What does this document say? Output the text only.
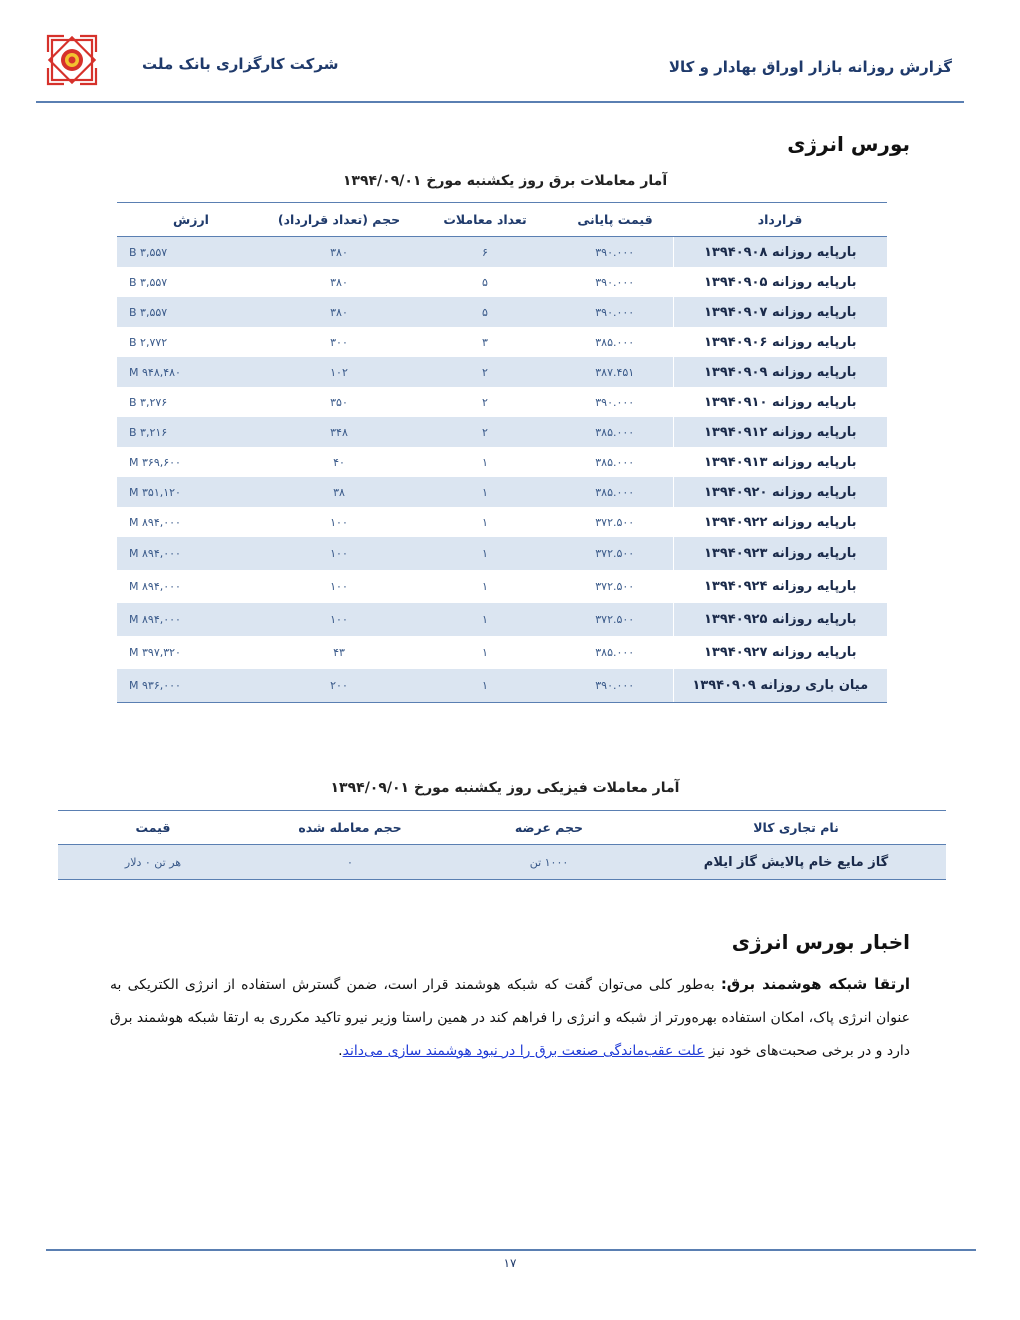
گزارش روزانه بازار اوراق بهادار و کالا
شرکت کارگزاری بانک ملت
بورس انرژی
آمار معاملات برق روز یکشنبه مورخ ۱۳۹۴/۰۹/۰۱
قرارداد	قیمت پایانی	تعداد معاملات	حجم (تعداد قرارداد)	ارزش
بارپایه روزانه ۱۳۹۴۰۹۰۸	۳۹۰.۰۰۰	۶	۳۸۰	۳,۵۵۷ B
بارپایه روزانه ۱۳۹۴۰۹۰۵	۳۹۰.۰۰۰	۵	۳۸۰	۳,۵۵۷ B
بارپایه روزانه ۱۳۹۴۰۹۰۷	۳۹۰.۰۰۰	۵	۳۸۰	۳,۵۵۷ B
بارپایه روزانه ۱۳۹۴۰۹۰۶	۳۸۵.۰۰۰	۳	۳۰۰	۲,۷۷۲ B
بارپایه روزانه ۱۳۹۴۰۹۰۹	۳۸۷.۴۵۱	۲	۱۰۲	۹۴۸,۴۸۰ M
بارپایه روزانه ۱۳۹۴۰۹۱۰	۳۹۰.۰۰۰	۲	۳۵۰	۳,۲۷۶ B
بارپایه روزانه ۱۳۹۴۰۹۱۲	۳۸۵.۰۰۰	۲	۳۴۸	۳,۲۱۶ B
بارپایه روزانه ۱۳۹۴۰۹۱۳	۳۸۵.۰۰۰	۱	۴۰	۳۶۹,۶۰۰ M
بارپایه روزانه ۱۳۹۴۰۹۲۰	۳۸۵.۰۰۰	۱	۳۸	۳۵۱,۱۲۰ M
بارپایه روزانه ۱۳۹۴۰۹۲۲	۳۷۲.۵۰۰	۱	۱۰۰	۸۹۴,۰۰۰ M
بارپایه روزانه ۱۳۹۴۰۹۲۳	۳۷۲.۵۰۰	۱	۱۰۰	۸۹۴,۰۰۰ M
بارپایه روزانه ۱۳۹۴۰۹۲۴	۳۷۲.۵۰۰	۱	۱۰۰	۸۹۴,۰۰۰ M
بارپایه روزانه ۱۳۹۴۰۹۲۵	۳۷۲.۵۰۰	۱	۱۰۰	۸۹۴,۰۰۰ M
بارپایه روزانه ۱۳۹۴۰۹۲۷	۳۸۵.۰۰۰	۱	۴۳	۳۹۷,۳۲۰ M
میان باری روزانه ۱۳۹۴۰۹۰۹	۳۹۰.۰۰۰	۱	۲۰۰	۹۳۶,۰۰۰ M
آمار معاملات فیزیکی روز یکشنبه مورخ ۱۳۹۴/۰۹/۰۱
نام تجاری کالا	حجم عرضه	حجم معامله شده	قیمت
گاز مایع خام پالایش گاز ایلام	۱۰۰۰ تن	۰	هر تن ۰ دلار
اخبار بورس انرژی
ارتقا شبکه هوشمند برق: به‌طور کلی می‌توان گفت که شبکه هوشمند قرار است، ضمن گسترش استفاده از انرژی الکتریکی به عنوان انرژی پاک، امکان استفاده بهره‌ورتر از شبکه و انرژی را فراهم کند در همین راستا وزیر نیرو تاکید مکرری به ارتقا شبکه هوشمند برق دارد و در برخی صحبت‌های خود نیز علت عقب‌ماندگی صنعت برق را در نبود هوشمند سازی می‌داند.
۱۷
